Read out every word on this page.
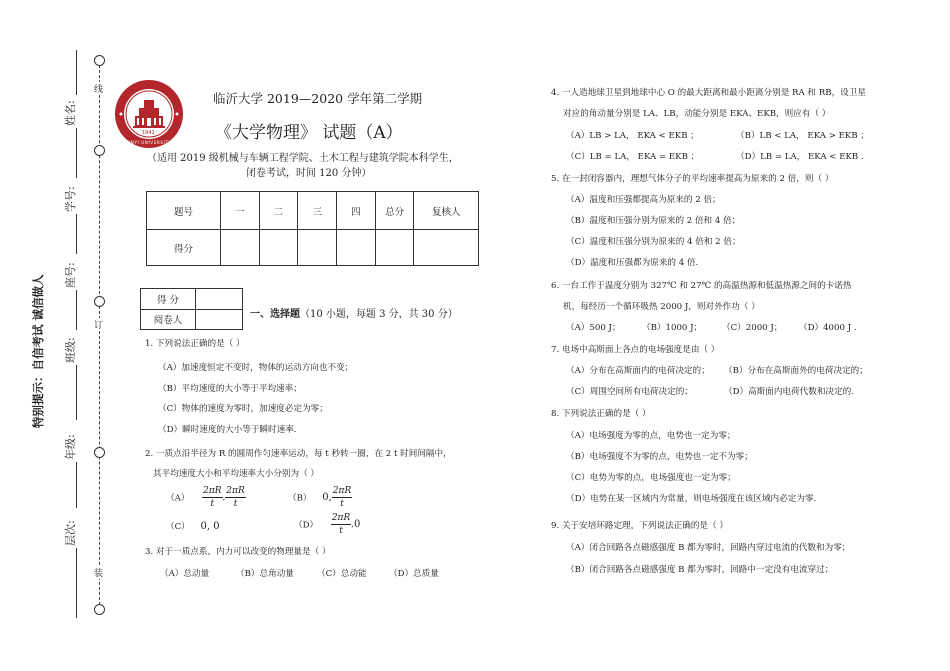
线
订
装
姓名:
学号:
座号:
班级:
年级:
层次:
特别提示：自信考试 诚信做人
1941
LINYI UNIVERSITY
临沂大学 2019—2020 学年第二学期
《大学物理》 试题（A）
（适用 2019 级机械与车辆工程学院、土木工程与建筑学院本科学生，
闭卷考试，时间 120 分钟）
题号	一	二	三	四	总分	复核人
得分						
得 分	
阅卷人	
一、选择题（10 小题，每题 3 分，共 30 分）
1. 下列说法正确的是（ ）
（A）加速度恒定不变时，物体的运动方向也不变；
（B）平均速度的大小等于平均速率；
（C）物体的速度为零时，加速度必定为零；
（D）瞬时速度的大小等于瞬时速率.
2. 一质点沿半径为 R 的圆周作匀速率运动，每 t 秒转一圈，在 2 t 时间间隔中，
其平均速度大小和平均速率大小分别为（ ）
$(A) \frac{2\pi R}{t}$ , $\frac{2\pi R}{t}$	（B） 0, $\frac{2\pi R}{t}$
（C） 0, 0	$(D) \frac{2\pi R}{t} ,0$
3. 对于一质点系，内力可以改变的物理量是（ ）
（A）总动量	（B）总角动量	（C）总动能	（D）总质量
4. 一人造地球卫星到地球中心 O 的最大距离和最小距离分别是 RA 和 RB，设卫星
对应的角动量分别是 LA、LB，动能分别是 EKA、EKB，则应有（ ）
（A）LB > LA， EKA < EKB ；	（B）LB < LA， EKA > EKB ；
（C）LB = LA， EKA = EKB ；	（D）LB = LA， EKA < EKB .
5. 在一封闭容器内，理想气体分子的平均速率提高为原来的 2 倍，则（ ）
（A）温度和压强都提高为原来的 2 倍；
（B）温度和压强分别为原来的 2 倍和 4 倍；
（C）温度和压强分别为原来的 4 倍和 2 倍；
（D）温度和压强都为原来的 4 倍.
6. 一台工作于温度分别为 327℃ 和 27℃ 的高温热源和低温热源之间的卡诺热
机，每经历一个循环吸热 2000 J，则对外作功（ ）
（A）500 J； （B）1000 J； （C）2000 J； （D）4000 J .
7. 电场中高斯面上各点的电场强度是由（ ）
（A）分布在高斯面内的电荷决定的； （B）分布在高斯面外的电荷决定的；
（C）周围空间所有电荷决定的；	（D）高斯面内电荷代数和决定的.
8. 下列说法正确的是（ ）
（A）电场强度为零的点，电势也一定为零；
（B）电场强度不为零的点，电势也一定不为零；
（C）电势为零的点，电场强度也一定为零；
（D）电势在某一区域内为常量，则电场强度在该区域内必定为零.
9. 关于安培环路定理，下列说法正确的是（ ）
（A）闭合回路各点磁感强度 B 都为零时，回路内穿过电流的代数和为零；
（B）闭合回路各点磁感强度 B 都为零时，回路中一定没有电流穿过；
